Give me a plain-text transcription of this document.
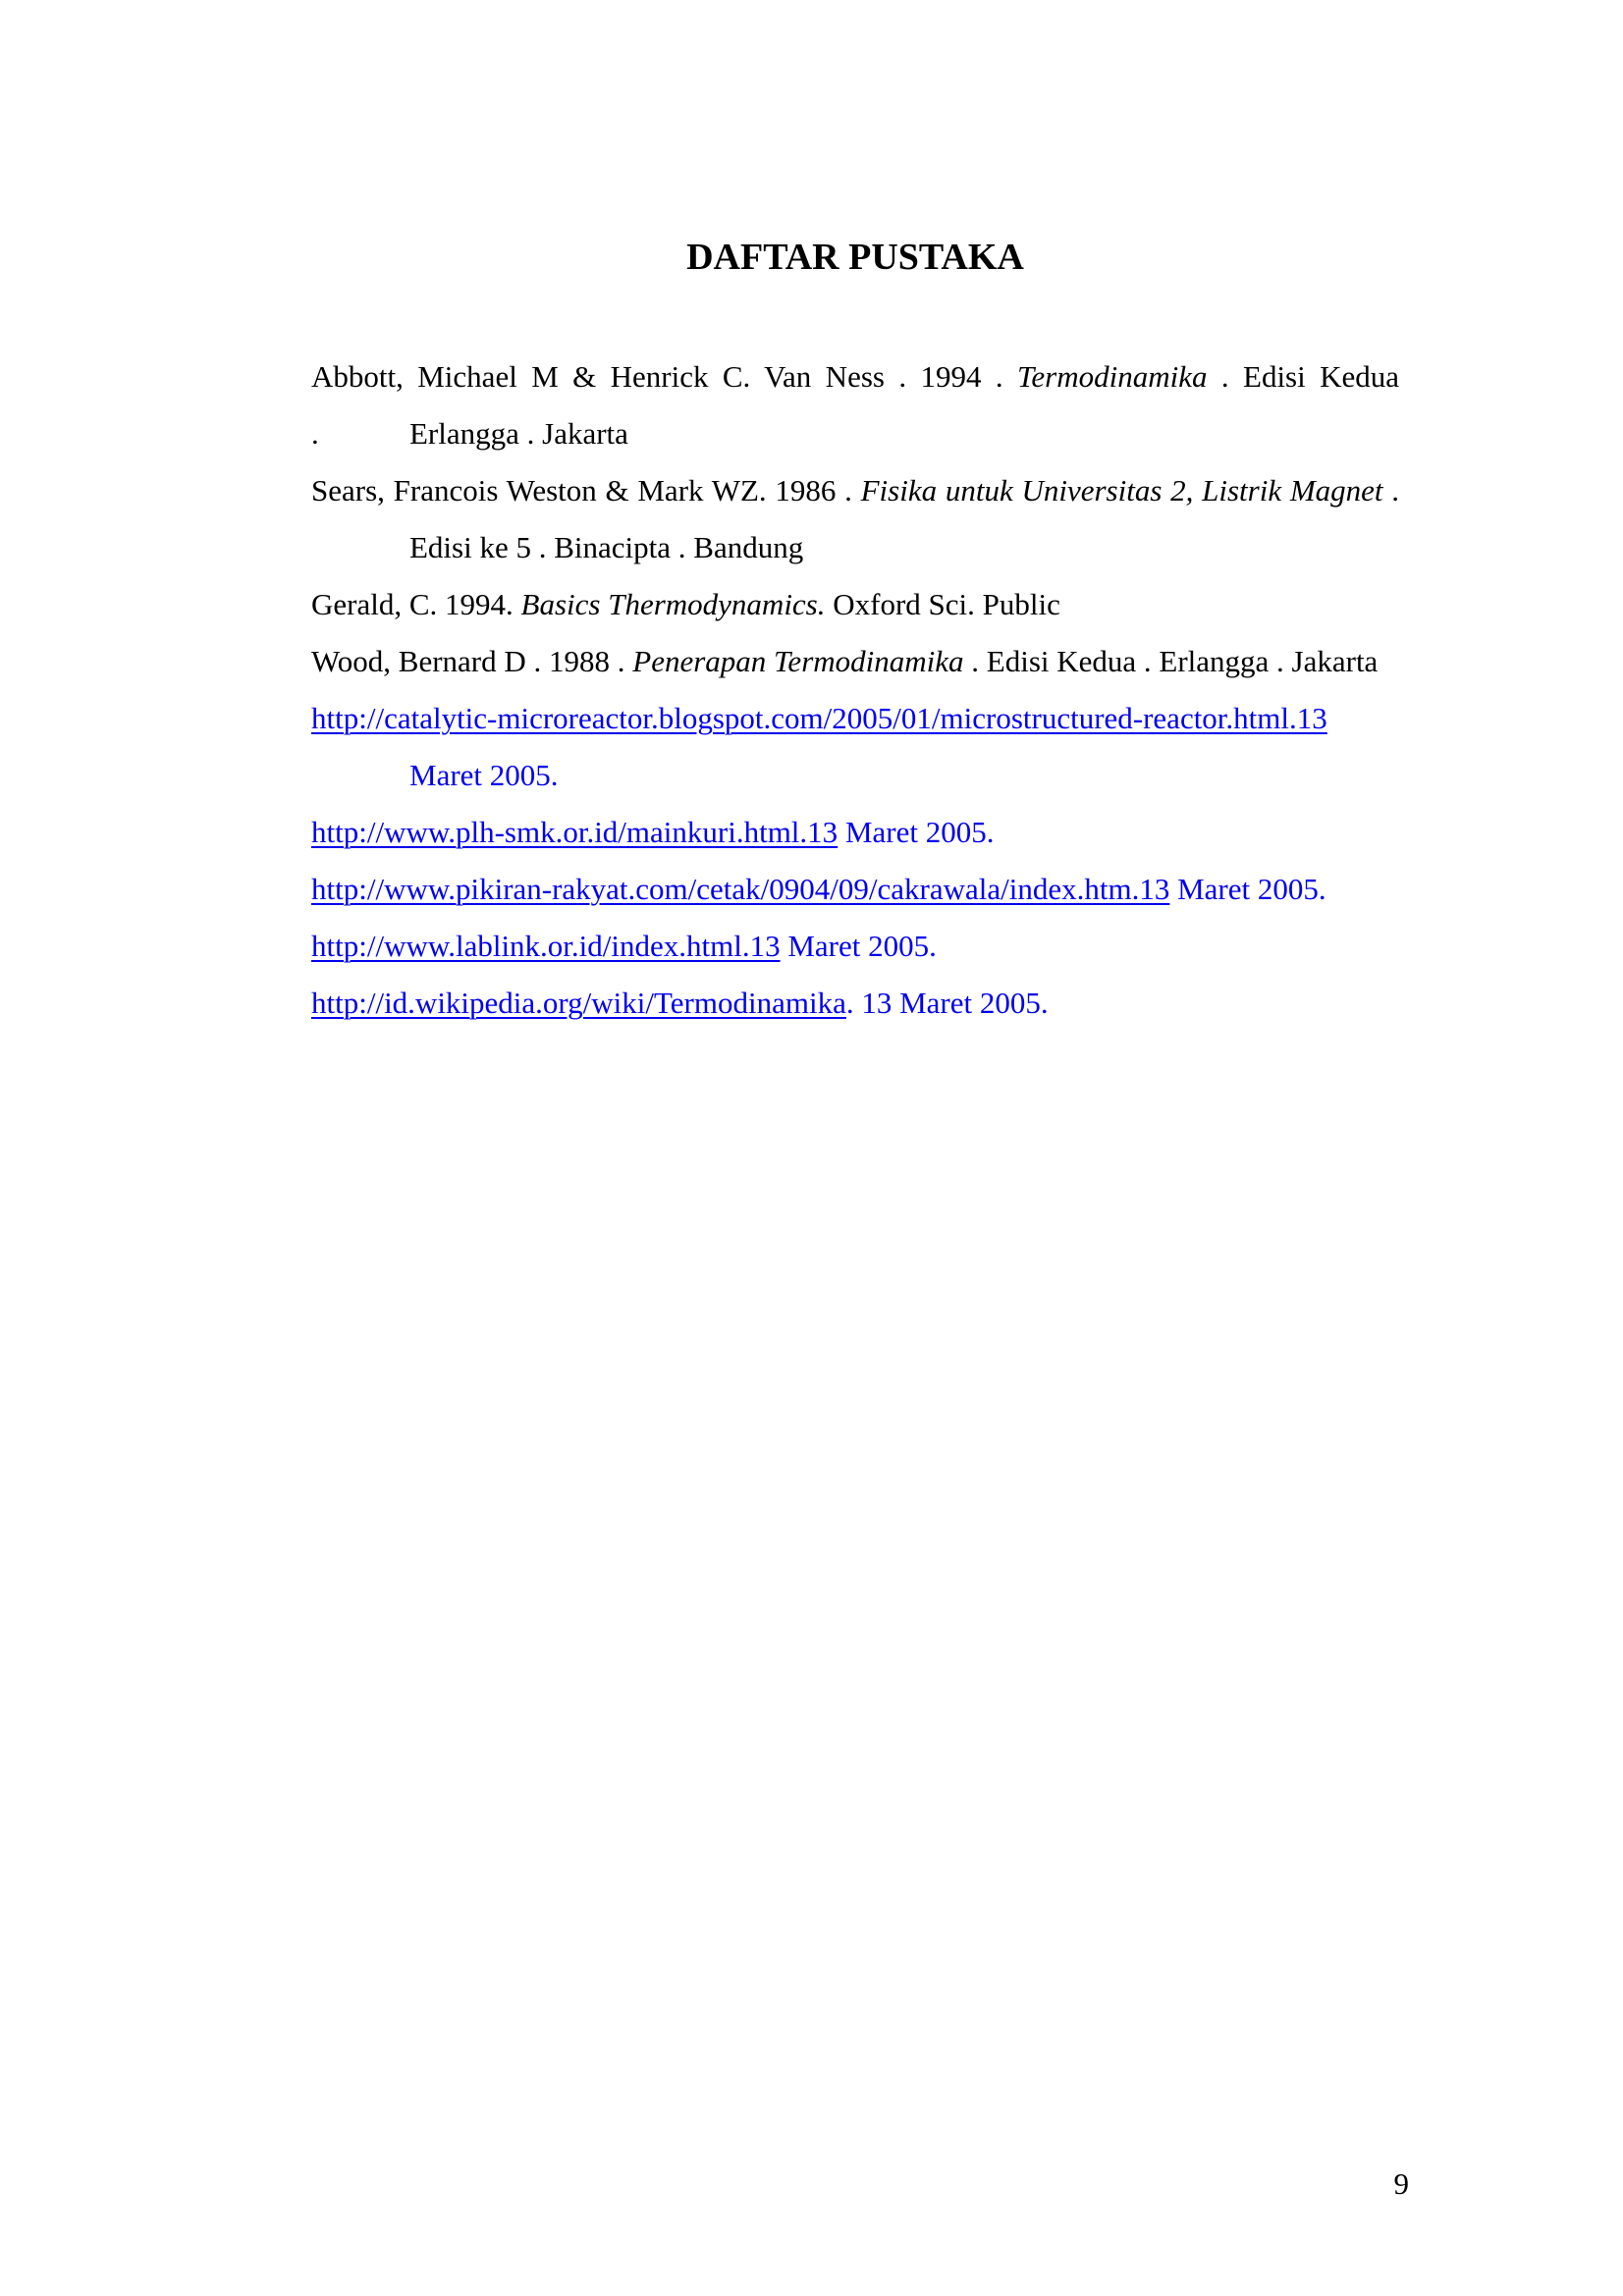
DAFTAR PUSTAKA

Abbott, Michael M & Henrick C. Van Ness . 1994 . Termodinamika . Edisi Kedua
.	Erlangga . Jakarta

Sears, Francois Weston & Mark WZ. 1986 . Fisika untuk Universitas 2, Listrik Magnet . Edisi ke 5 . Binacipta . Bandung

Gerald, C. 1994. Basics Thermodynamics. Oxford Sci. Public

Wood, Bernard D . 1988 . Penerapan Termodinamika . Edisi Kedua . Erlangga . Jakarta

http://catalytic-microreactor.blogspot.com/2005/01/microstructured-reactor.html.13 Maret 2005.

http://www.plh-smk.or.id/mainkuri.html.13 Maret 2005.

http://www.pikiran-rakyat.com/cetak/0904/09/cakrawala/index.htm.13 Maret 2005.

http://www.lablink.or.id/index.html.13 Maret 2005.

http://id.wikipedia.org/wiki/Termodinamika. 13 Maret 2005.

9
